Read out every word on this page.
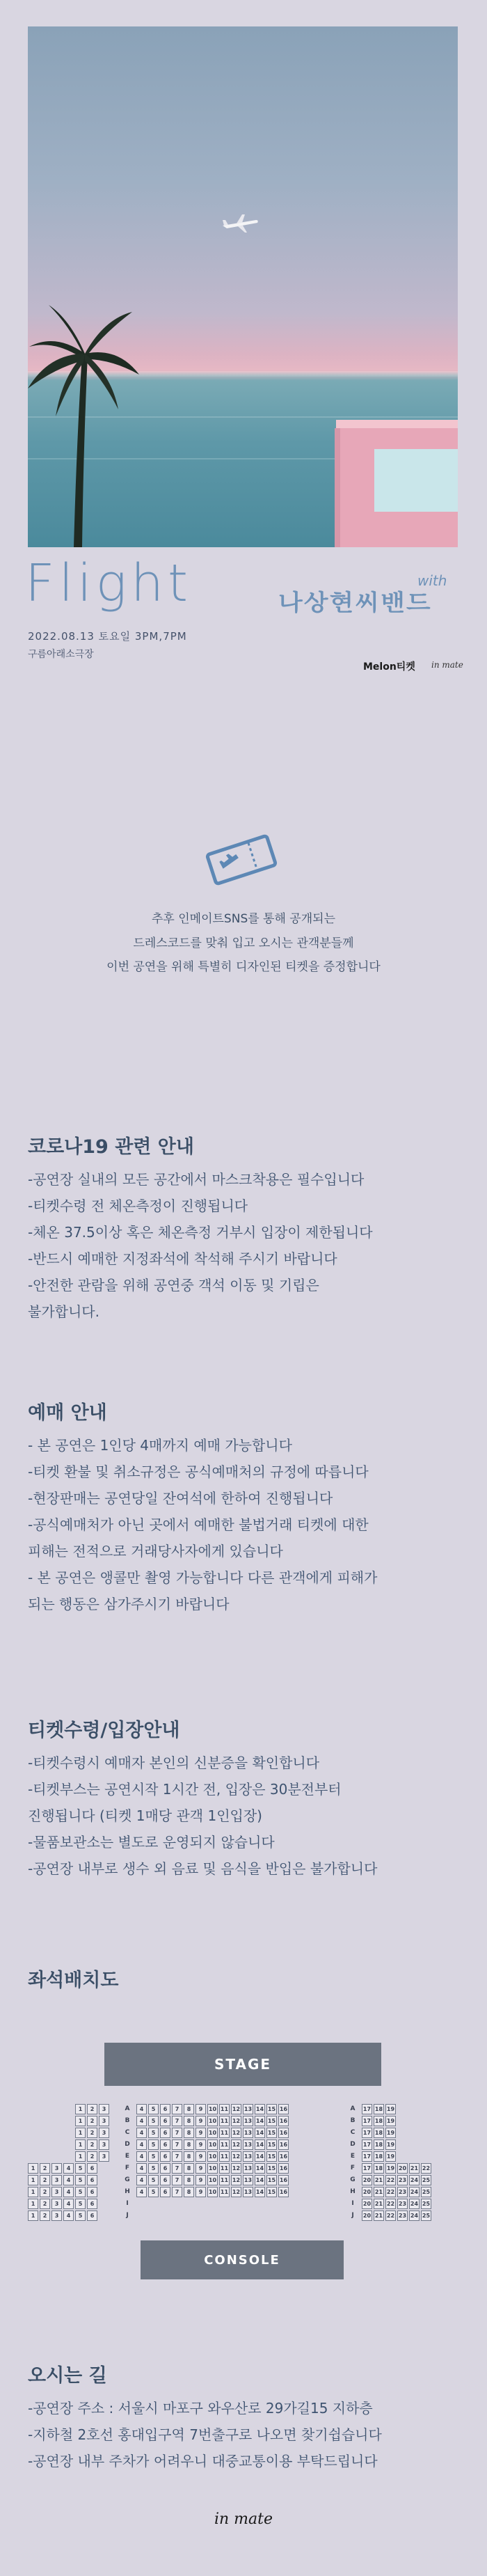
Flight	with
나상현씨밴드
2022.08.13 토요일 3PM,7PM
구름아래소극장
Melon티켓 in mate
추후 인메이트SNS를 통해 공개되는
드레스코드를 맞춰 입고 오시는 관객분들께
이번 공연을 위해 특별히 디자인된 티켓을 증정합니다
코로나19 관련 안내
-공연장 실내의 모든 공간에서 마스크착용은 필수입니다
-티켓수령 전 체온측정이 진행됩니다
-체온 37.5이상 혹은 체온측정 거부시 입장이 제한됩니다
-반드시 예매한 지정좌석에 착석해 주시기 바랍니다
-안전한 관람을 위해 공연중 객석 이동 및 기립은
불가합니다.
예매 안내
- 본 공연은 1인당 4매까지 예매 가능합니다
-티켓 환불 및 취소규정은 공식예매처의 규정에 따릅니다
-현장판매는 공연당일 잔여석에 한하여 진행됩니다
-공식예매처가 아닌 곳에서 예매한 불법거래 티켓에 대한
피해는 전적으로 거래당사자에게 있습니다
- 본 공연은 앵콜만 촬영 가능합니다 다른 관객에게 피해가
되는 행동은 삼가주시기 바랍니다
티켓수령/입장안내
-티켓수령시 예매자 본인의 신분증을 확인합니다
-티켓부스는 공연시작 1시간 전, 입장은 30분전부터
진행됩니다 (티켓 1매당 관객 1인입장)
-물품보관소는 별도로 운영되지 않습니다
-공연장 내부로 생수 외 음료 및 음식을 반입은 불가합니다
좌석배치도
STAGE
1	2	3	A	4	5	6	7	8	9	10 11 12 13 14 15 16	A	17 18 19
1	2	3	B	4	5	6	7	8	9	10 11 12 13 14 15 16	B	17 18 19
1	2	3	C	4	5	6	7	8	9	10 11 12 13 14 15 16	C	17 18 19
1	2	3	D	4	5	6	7	8	9	10 11 12 13 14 15 16	D	17 18 19
1	2	3	E	4	5	6	7	8	9	10 11 12 13 14 15 16	E	17 18 19
1	2	3	4	5	6	F	4	5	6	7	8	9	10 11 12 13 14 15 16	F	17 18 19 20 21 22
1	2	3	4	5	6	G	4	5	6	7	8	9	10 11 12 13 14 15 16	G	20 21 22 23 24 25
1	2	3	4	5	6	H	4	5	6	7	8	9	10 11 12 13 14 15 16	H	20 21 22 23 24 25
1	2	3	4	5	6	I	I	20 21 22 23 24 25
1	2	3	4	5	6	J	J	20 21 22 23 24 25
CONSOLE
오시는 길
-공연장 주소 : 서울시 마포구 와우산로 29가길15 지하층
-지하철 2호선 홍대입구역 7번출구로 나오면 찾기쉽습니다
-공연장 내부 주차가 어려우니 대중교통이용 부탁드립니다
in mate
